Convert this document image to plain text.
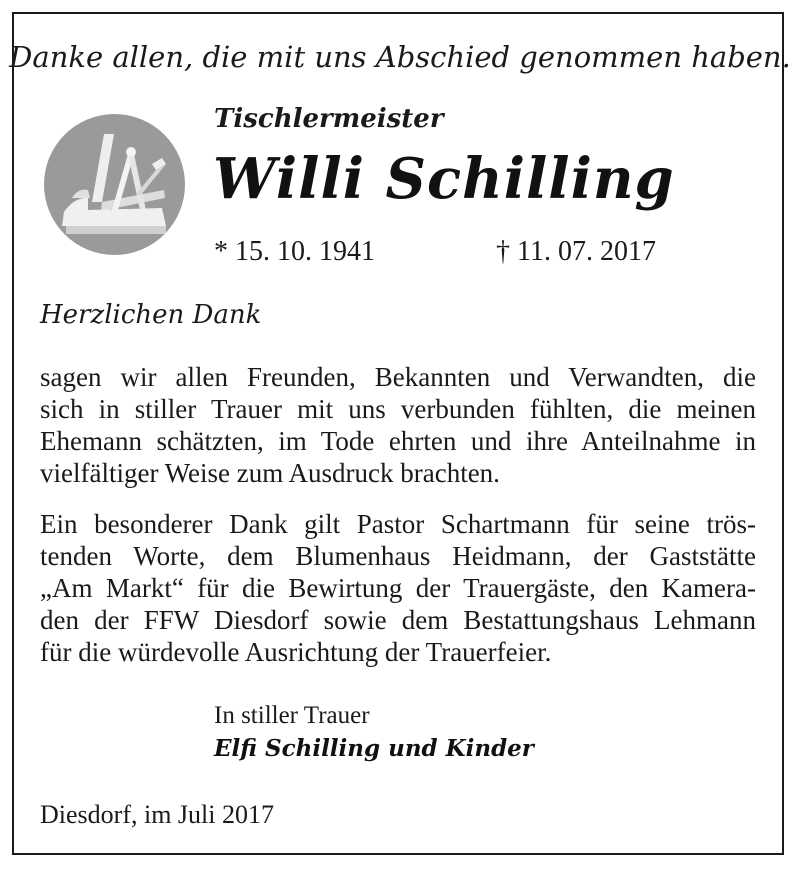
Danke allen, die mit uns Abschied genommen haben.
Tischlermeister
Willi Schilling
* 15. 10. 1941	† 11. 07. 2017
Herzlichen Dank
sagen wir allen Freunden, Bekannten und Verwandten, die
sich in stiller Trauer mit uns verbunden fühlten, die meinen
Ehemann schätzten, im Tode ehrten und ihre Anteilnahme in
vielfältiger Weise zum Ausdruck brachten.
Ein besonderer Dank gilt Pastor Schartmann für seine trös-
tenden Worte, dem Blumenhaus Heidmann, der Gaststätte
„Am Markt“ für die Bewirtung der Trauergäste, den Kamera-
den der FFW Diesdorf sowie dem Bestattungshaus Lehmann
für die würdevolle Ausrichtung der Trauerfeier.
In stiller Trauer
Elfi Schilling und Kinder
Diesdorf, im Juli 2017
